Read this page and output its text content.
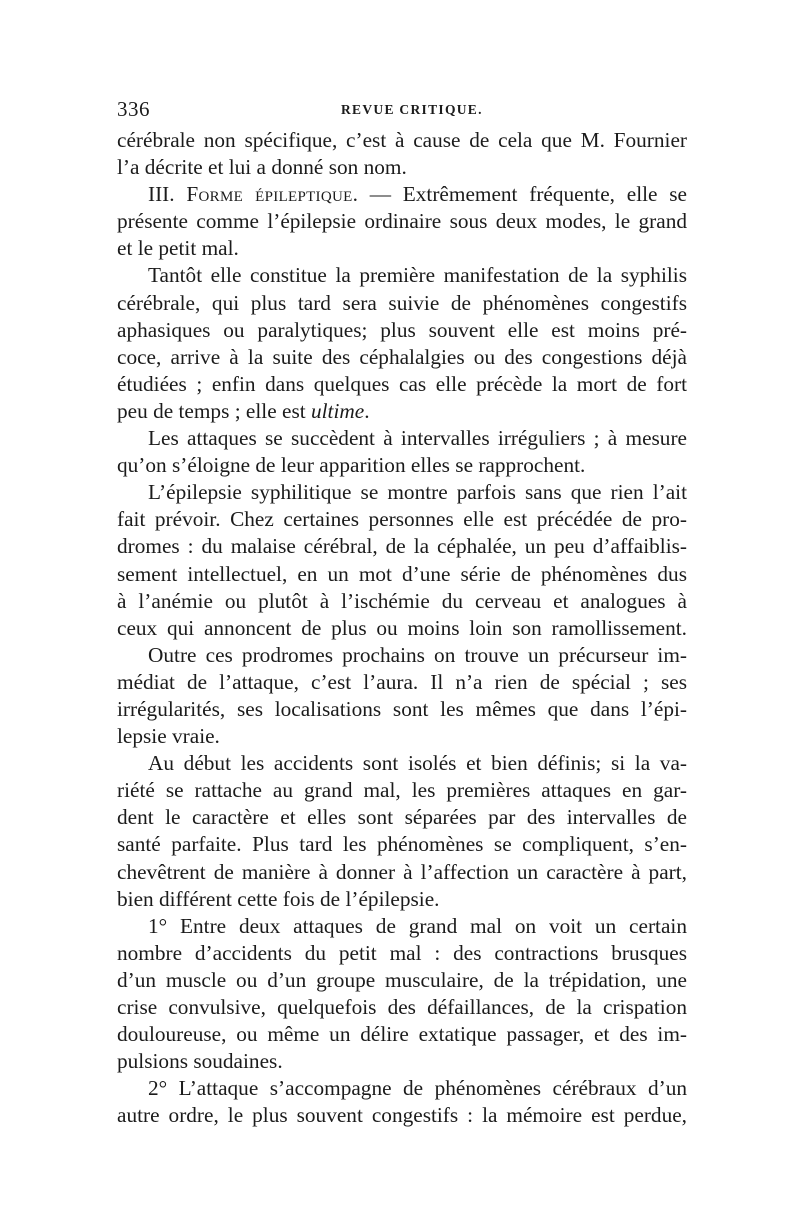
336	REVUE CRITIQUE.
cérébrale non spécifique, c’est à cause de cela que M. Fournier
l’a décrite et lui a donné son nom.
III. Forme épileptique. — Extrêmement fréquente, elle se
présente comme l’épilepsie ordinaire sous deux modes, le grand
et le petit mal.
Tantôt elle constitue la première manifestation de la syphilis
cérébrale, qui plus tard sera suivie de phénomènes congestifs
aphasiques ou paralytiques; plus souvent elle est moins pré-
coce, arrive à la suite des céphalalgies ou des congestions déjà
étudiées ; enfin dans quelques cas elle précède la mort de fort
peu de temps ; elle est ultime.
Les attaques se succèdent à intervalles irréguliers ; à mesure
qu’on s’éloigne de leur apparition elles se rapprochent.
L’épilepsie syphilitique se montre parfois sans que rien l’ait
fait prévoir. Chez certaines personnes elle est précédée de pro-
dromes : du malaise cérébral, de la céphalée, un peu d’affaiblis-
sement intellectuel, en un mot d’une série de phénomènes dus
à l’anémie ou plutôt à l’ischémie du cerveau et analogues à
ceux qui annoncent de plus ou moins loin son ramollissement.
Outre ces prodromes prochains on trouve un précurseur im-
médiat de l’attaque, c’est l’aura. Il n’a rien de spécial ; ses
irrégularités, ses localisations sont les mêmes que dans l’épi-
lepsie vraie.
Au début les accidents sont isolés et bien définis; si la va-
riété se rattache au grand mal, les premières attaques en gar-
dent le caractère et elles sont séparées par des intervalles de
santé parfaite. Plus tard les phénomènes se compliquent, s’en-
chevêtrent de manière à donner à l’affection un caractère à part,
bien différent cette fois de l’épilepsie.
1° Entre deux attaques de grand mal on voit un certain
nombre d’accidents du petit mal : des contractions brusques
d’un muscle ou d’un groupe musculaire, de la trépidation, une
crise convulsive, quelquefois des défaillances, de la crispation
douloureuse, ou même un délire extatique passager, et des im-
pulsions soudaines.
2° L’attaque s’accompagne de phénomènes cérébraux d’un
autre ordre, le plus souvent congestifs : la mémoire est perdue,
